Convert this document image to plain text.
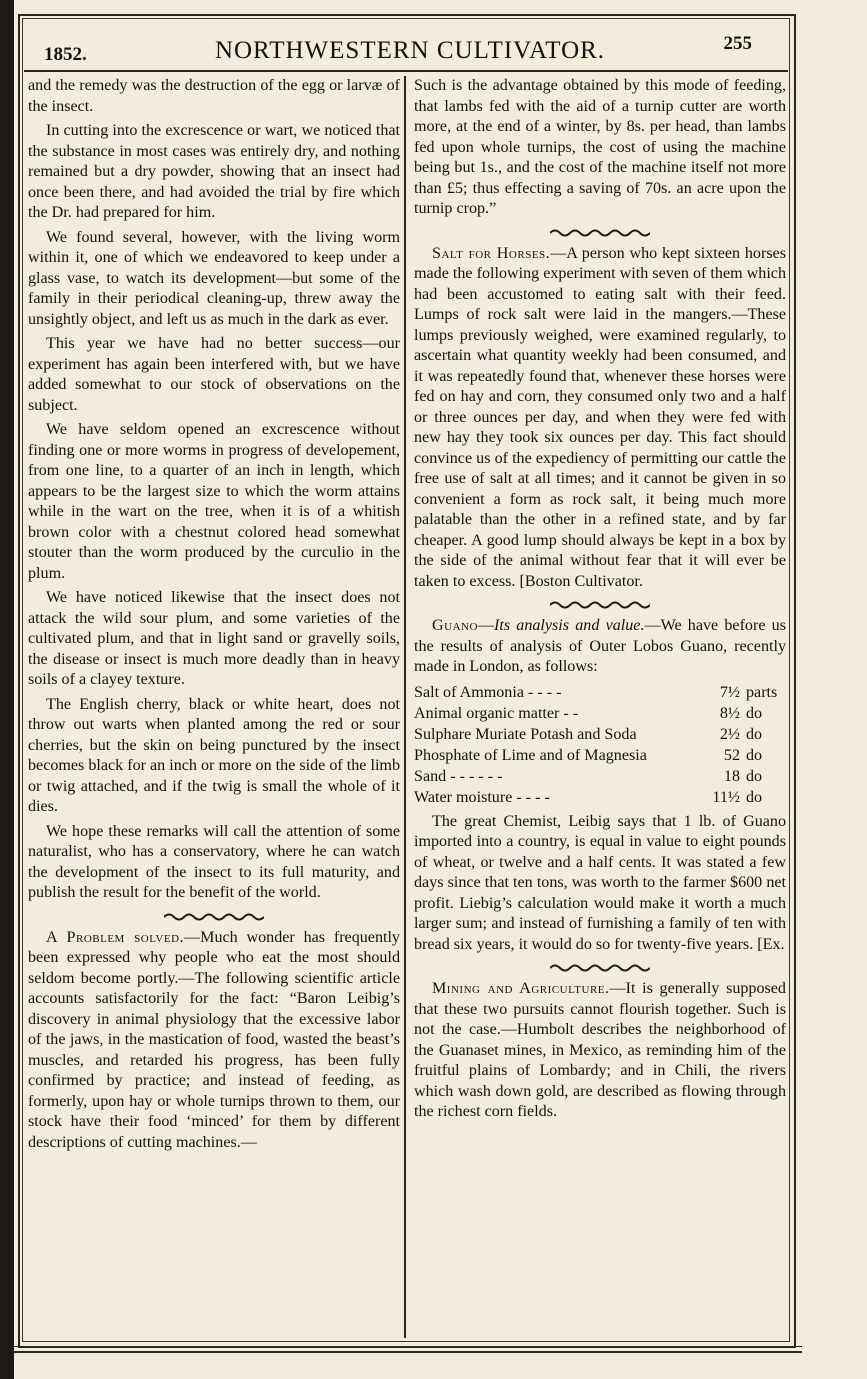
1852.	NORTHWESTERN CULTIVATOR.	255

and the remedy was the destruction of the egg or larvæ of the insect.

In cutting into the excrescence or wart, we noticed that the substance in most cases was entirely dry, and nothing remained but a dry powder, showing that an insect had once been there, and had avoided the trial by fire which the Dr. had prepared for him.

We found several, however, with the living worm within it, one of which we endeavored to keep under a glass vase, to watch its development—but some of the family in their periodical cleaning-up, threw away the unsightly object, and left us as much in the dark as ever.

This year we have had no better success—our experiment has again been interfered with, but we have added somewhat to our stock of observations on the subject.

We have seldom opened an excrescence without finding one or more worms in progress of developement, from one line, to a quarter of an inch in length, which appears to be the largest size to which the worm attains while in the wart on the tree, when it is of a whitish brown color with a chestnut colored head somewhat stouter than the worm produced by the curculio in the plum.

We have noticed likewise that the insect does not attack the wild sour plum, and some varieties of the cultivated plum, and that in light sand or gravelly soils, the disease or insect is much more deadly than in heavy soils of a clayey texture.

The English cherry, black or white heart, does not throw out warts when planted among the red or sour cherries, but the skin on being punctured by the insect becomes black for an inch or more on the side of the limb or twig attached, and if the twig is small the whole of it dies.

We hope these remarks will call the attention of some naturalist, who has a conservatory, where he can watch the development of the insect to its full maturity, and publish the result for the benefit of the world.

A Problem solved.—Much wonder has frequently been expressed why people who eat the most should seldom become portly.—The following scientific article accounts satisfactorily for the fact: “Baron Leibig’s discovery in animal physiology that the excessive labor of the jaws, in the mastication of food, wasted the beast’s muscles, and retarded his progress, has been fully confirmed by practice; and instead of feeding, as formerly, upon hay or whole turnips thrown to them, our stock have their food ‘minced’ for them by different descriptions of cutting machines.—

Such is the advantage obtained by this mode of feeding, that lambs fed with the aid of a turnip cutter are worth more, at the end of a winter, by 8s. per head, than lambs fed upon whole turnips, the cost of using the machine being but 1s., and the cost of the machine itself not more than £5; thus effecting a saving of 70s. an acre upon the turnip crop.”

Salt for Horses.—A person who kept sixteen horses made the following experiment with seven of them which had been accustomed to eating salt with their feed. Lumps of rock salt were laid in the mangers.—These lumps previously weighed, were examined regularly, to ascertain what quantity weekly had been consumed, and it was repeatedly found that, whenever these horses were fed on hay and corn, they consumed only two and a half or three ounces per day, and when they were fed with new hay they took six ounces per day. This fact should convince us of the expediency of permitting our cattle the free use of salt at all times; and it cannot be given in so convenient a form as rock salt, it being much more palatable than the other in a refined state, and by far cheaper. A good lump should always be kept in a box by the side of the animal without fear that it will ever be taken to excess. [Boston Cultivator.

Guano—Its analysis and value.—We have before us the results of analysis of Outer Lobos Guano, recently made in London, as follows:

Salt of Ammonia - - - -	7½	parts
Animal organic matter - -	8½	do
Sulphare Muriate Potash and Soda	2½	do
Phosphate of Lime and of Magnesia	52	do
Sand - - - - - -	18	do
Water moisture - - - -	11½	do

The great Chemist, Leibig says that 1 lb. of Guano imported into a country, is equal in value to eight pounds of wheat, or twelve and a half cents. It was stated a few days since that ten tons, was worth to the farmer $600 net profit. Liebig’s calculation would make it worth a much larger sum; and instead of furnishing a family of ten with bread six years, it would do so for twenty-five years. [Ex.

Mining and Agriculture.—It is generally supposed that these two pursuits cannot flourish together. Such is not the case.—Humbolt describes the neighborhood of the Guanaset mines, in Mexico, as reminding him of the fruitful plains of Lombardy; and in Chili, the rivers which wash down gold, are described as flowing through the richest corn fields.
